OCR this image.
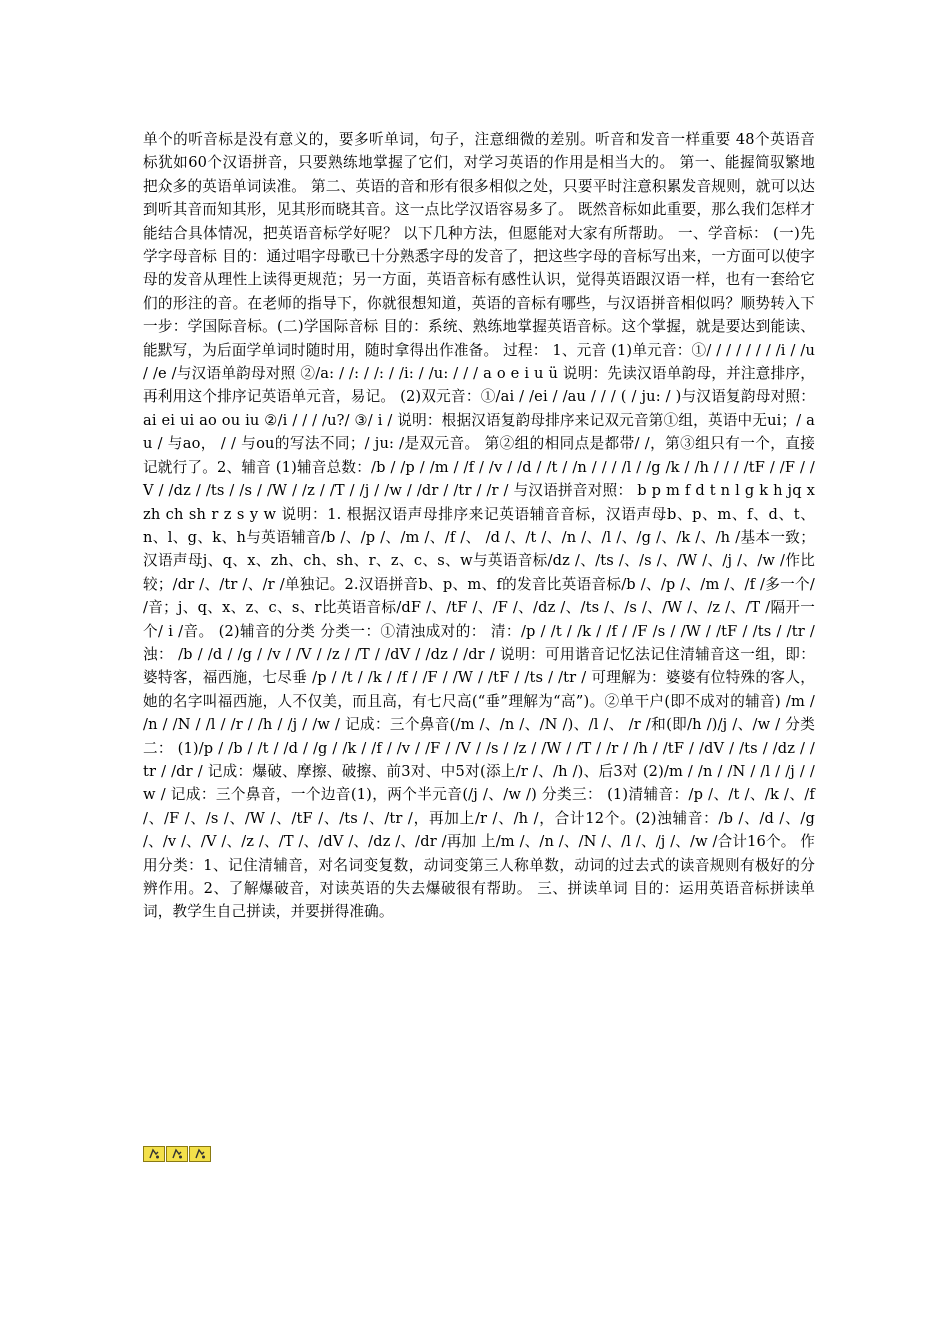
单个的听音标是没有意义的，要多听单词，句子，注意细微的差别。听音和发音一样重要 48个英语音标犹如60个汉语拼音，只要熟练地掌握了它们，对学习英语的作用是相当大的。 第一、能握简驭繁地把众多的英语单词读准。 第二、英语的音和形有很多相似之处，只要平时注意积累发音规则，就可以达到听其音而知其形，见其形而晓其音。这一点比学汉语容易多了。 既然音标如此重要，那么我们怎样才能结合具体情况，把英语音标学好呢？ 以下几种方法，但愿能对大家有所帮助。 一、学音标： (一)先学字母音标 目的：通过唱字母歌已十分熟悉字母的发音了，把这些字母的音标写出来，一方面可以使字母的发音从理性上读得更规范；另一方面，英语音标有感性认识，觉得英语跟汉语一样，也有一套给它们的形注的音。在老师的指导下，你就很想知道，英语的音标有哪些，与汉语拼音相似吗？顺势转入下一步：学国际音标。(二)学国际音标 目的：系统、熟练地掌握英语音标。这个掌握，就是要达到能读、能默写，为后面学单词时随时用，随时拿得出作准备。 过程： 1、元音 (1)单元音：①/ / / / / / / /i / /u / /e /与汉语单韵母对照 ②/a: / /: / /: / /i: / /u: / / / a o e i u ü 说明：先读汉语单韵母，并注意排序，再利用这个排序记英语单元音，易记。 (2)双元音：①/ai / /ei / /au / / / ( / ju: / )与汉语复韵母对照：ai ei ui ao ou iu ②/i / / / /u?/ ③/ i / 说明：根据汉语复韵母排序来记双元音第①组，英语中无ui；/ au / 与ao， / / 与ou的写法不同；/ ju: /是双元音。 第②组的相同点是都带/ /，第③组只有一个，直接记就行了。2、辅音 (1)辅音总数：/b / /p / /m / /f / /v / /d / /t / /n / / / /l / /g /k / /h / / / /tF / /F / /V / /dz / /ts / /s / /W / /z / /T / /j / /w / /dr / /tr / /r / 与汉语拼音对照： b p m f d t n l g k h jq x zh ch sh r z s y w 说明：1. 根据汉语声母排序来记英语辅音音标，汉语声母b、p、m、f、d、t、n、l、g、k、h与英语辅音/b /、/p /、/m /、/f /、 /d /、/t /、/n /、/l /、/g /、/k /、/h /基本一致；汉语声母j、q、x、zh、ch、sh、r、z、c、s、w与英语音标/dz /、/ts /、/s /、/W /、/j /、/w /作比较；/dr /、/tr /、/r /单独记。2.汉语拼音b、p、m、f的发音比英语音标/b /、/p /、/m /、/f /多一个/ /音；j、q、x、z、c、s、r比英语音标/dF /、/tF /、/F /、/dz /、/ts /、/s /、/W /、/z /、/T /隔开一个/ i /音。 (2)辅音的分类 分类一：①清浊成对的： 清：/p / /t / /k / /f / /F /s / /W / /tF / /ts / /tr / 浊： /b / /d / /g / /v / /V / /z / /T / /dV / /dz / /dr / 说明：可用谐音记忆法记住清辅音这一组，即：婆特客，福西施，七尽垂 /p / /t / /k / /f / /F / /W / /tF / /ts / /tr / 可理解为：婆婆有位特殊的客人，她的名字叫福西施，人不仅美，而且高，有七尺高(“垂”理解为“高”)。②单干户(即不成对的辅音) /m / /n / /N / /l / /r / /h / /j / /w / 记成：三个鼻音(/m /、/n /、/N /)、/l /、 /r /和(即/h /)/j /、/w / 分类二： (1)/p / /b / /t / /d / /g / /k / /f / /v / /F / /V / /s / /z / /W / /T / /r / /h / /tF / /dV / /ts / /dz / /tr / /dr / 记成：爆破、摩擦、破擦、前3对、中5对(添上/r /、/h /)、后3对 (2)/m / /n / /N / /l / /j / /w / 记成：三个鼻音，一个边音(1)，两个半元音(/j /、/w /) 分类三： (1)清辅音：/p /、/t /、/k /、/f /、/F /、/s /、/W /、/tF /、/ts /、/tr /，再加上/r /、/h /，合计12个。(2)浊辅音：/b /、/d /、/g /、/v /、/V /、/z /、/T /、/dV /、/dz /、/dr /再加 上/m /、/n /、/N /、/l /、/j /、/w /合计16个。 作用分类：1、记住清辅音，对名词变复数，动词变第三人称单数，动词的过去式的读音规则有极好的分辨作用。2、了解爆破音，对读英语的失去爆破很有帮助。 三、拼读单词 目的：运用英语音标拼读单词，教学生自己拼读，并要拼得准确。
